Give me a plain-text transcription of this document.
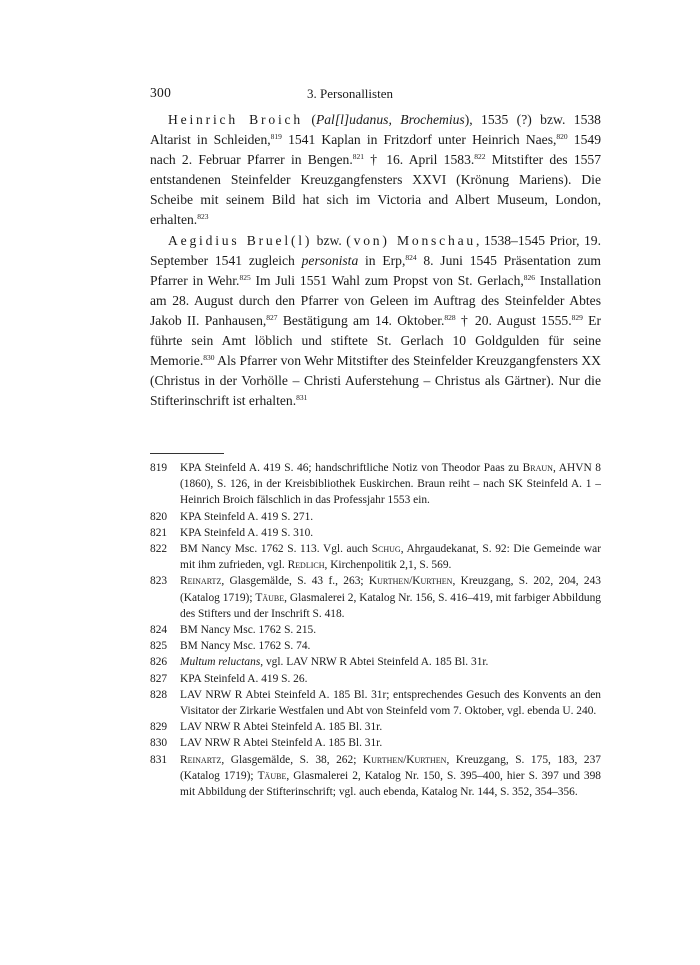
300	3. Personallisten

Heinrich Broich (Pal[l]udanus, Brochemius), 1535 (?) bzw. 1538 Altarist in Schleiden,$^{819}$ 1541 Kaplan in Fritzdorf unter Heinrich Naes,$^{820}$ 1549 nach 2. Februar Pfarrer in Bengen.$^{821}$ † 16. April 1583.$^{822}$ Mitstifter des 1557 entstandenen Steinfelder Kreuzgangfensters XXVI (Krönung Mariens). Die Scheibe mit seinem Bild hat sich im Victoria and Albert Museum, London, erhalten.$^{823}$

Aegidius Bruel(l) bzw. (von) Monschau, 1538–1545 Prior, 19. September 1541 zugleich personista in Erp,$^{824}$ 8. Juni 1545 Präsentation zum Pfarrer in Wehr.$^{825}$ Im Juli 1551 Wahl zum Propst von St. Gerlach,$^{826}$ Installation am 28. August durch den Pfarrer von Geleen im Auftrag des Steinfelder Abtes Jakob II. Panhausen,$^{827}$ Bestätigung am 14. Oktober.$^{828}$ † 20. August 1555.$^{829}$ Er führte sein Amt löblich und stiftete St. Gerlach 10 Goldgulden für seine Memorie.$^{830}$ Als Pfarrer von Wehr Mitstifter des Steinfelder Kreuzgangfensters XX (Christus in der Vorhölle – Christi Auferstehung – Christus als Gärtner). Nur die Stifterinschrift ist erhalten.$^{831}$

819	KPA Steinfeld A. 419 S. 46; handschriftliche Notiz von Theodor Paas zu Braun, AHVN 8 (1860), S. 126, in der Kreisbibliothek Euskirchen. Braun reiht – nach SK Steinfeld A. 1 – Heinrich Broich fälschlich in das Professjahr 1553 ein.
820	KPA Steinfeld A. 419 S. 271.
821	KPA Steinfeld A. 419 S. 310.
822	BM Nancy Msc. 1762 S. 113. Vgl. auch Schug, Ahrgaudekanat, S. 92: Die Gemeinde war mit ihm zufrieden, vgl. Redlich, Kirchenpolitik 2,1, S. 569.
823	Reinartz, Glasgemälde, S. 43 f., 263; Kurthen/Kurthen, Kreuzgang, S. 202, 204, 243 (Katalog 1719); Täube, Glasmalerei 2, Katalog Nr. 156, S. 416–419, mit farbiger Abbildung des Stifters und der Inschrift S. 418.
824	BM Nancy Msc. 1762 S. 215.
825	BM Nancy Msc. 1762 S. 74.
826	Multum reluctans, vgl. LAV NRW R Abtei Steinfeld A. 185 Bl. 31r.
827	KPA Steinfeld A. 419 S. 26.
828	LAV NRW R Abtei Steinfeld A. 185 Bl. 31r; entsprechendes Gesuch des Konvents an den Visitator der Zirkarie Westfalen und Abt von Steinfeld vom 7. Oktober, vgl. ebenda U. 240.
829	LAV NRW R Abtei Steinfeld A. 185 Bl. 31r.
830	LAV NRW R Abtei Steinfeld A. 185 Bl. 31r.
831	Reinartz, Glasgemälde, S. 38, 262; Kurthen/Kurthen, Kreuzgang, S. 175, 183, 237 (Katalog 1719); Täube, Glasmalerei 2, Katalog Nr. 150, S. 395–400, hier S. 397 und 398 mit Abbildung der Stifterinschrift; vgl. auch ebenda, Katalog Nr. 144, S. 352, 354–356.
